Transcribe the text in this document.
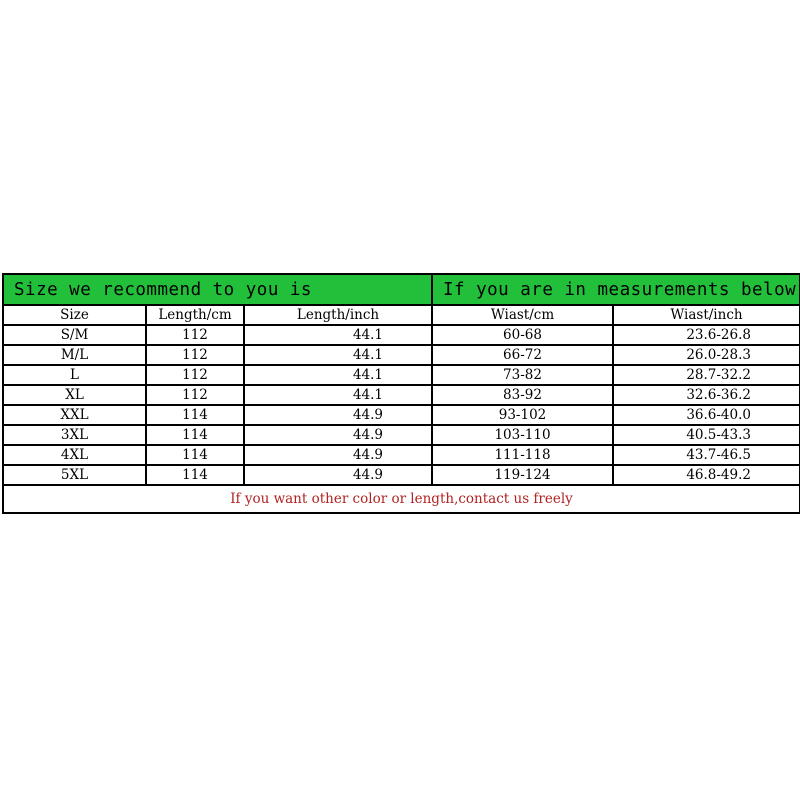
Size we recommend to you is			If you are in measurements below	
Size	Length/cm	Length/inch	Wiast/cm	Wiast/inch
S/M	112	44.1	60-68	23.6-26.8
M/L	112	44.1	66-72	26.0-28.3
L	112	44.1	73-82	28.7-32.2
XL	112	44.1	83-92	32.6-36.2
XXL	114	44.9	93-102	36.6-40.0
3XL	114	44.9	103-110	40.5-43.3
4XL	114	44.9	111-118	43.7-46.5
5XL	114	44.9	119-124	46.8-49.2
If you want other color or length,contact us freely				
